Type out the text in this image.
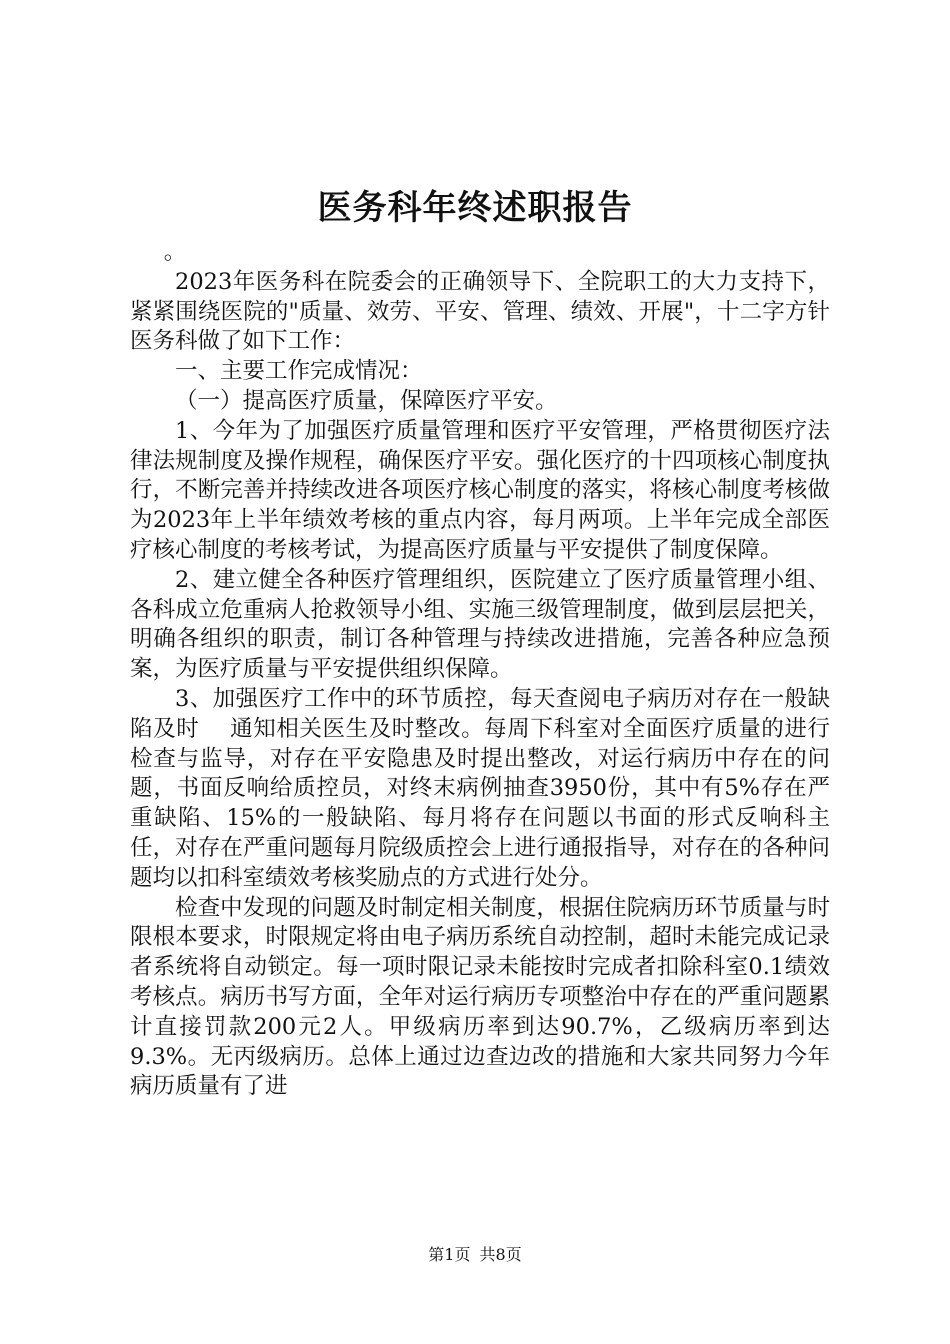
医务科年终述职报告

。

2023年医务科在院委会的正确领导下、全院职工的大力支持下，紧紧围绕医院的"质量、效劳、平安、管理、绩效、开展"，十二字方针医务科做了如下工作：

一、主要工作完成情况：

（一）提高医疗质量，保障医疗平安。

1、今年为了加强医疗质量管理和医疗平安管理，严格贯彻医疗法律法规制度及操作规程，确保医疗平安。强化医疗的十四项核心制度执行，不断完善并持续改进各项医疗核心制度的落实，将核心制度考核做为2023年上半年绩效考核的重点内容，每月两项。上半年完成全部医疗核心制度的考核考试，为提高医疗质量与平安提供了制度保障。

2、建立健全各种医疗管理组织，医院建立了医疗质量管理小组、各科成立危重病人抢救领导小组、实施三级管理制度，做到层层把关，明确各组织的职责，制订各种管理与持续改进措施，完善各种应急预案，为医疗质量与平安提供组织保障。

3、加强医疗工作中的环节质控，每天查阅电子病历对存在一般缺陷及时　 通知相关医生及时整改。每周下科室对全面医疗质量的进行检查与监导，对存在平安隐患及时提出整改，对运行病历中存在的问题，书面反响给质控员，对终末病例抽查3950份，其中有5%存在严重缺陷、15%的一般缺陷、每月将存在问题以书面的形式反响科主任，对存在严重问题每月院级质控会上进行通报指导，对存在的各种问题均以扣科室绩效考核奖励点的方式进行处分。

检查中发现的问题及时制定相关制度，根据住院病历环节质量与时限根本要求，时限规定将由电子病历系统自动控制，超时未能完成记录者系统将自动锁定。每一项时限记录未能按时完成者扣除科室0.1绩效考核点。病历书写方面，全年对运行病历专项整治中存在的严重问题累计直接罚款200元2人。甲级病历率到达90.7%，乙级病历率到达9.3%。无丙级病历。总体上通过边查边改的措施和大家共同努力今年病历质量有了进

第1页 共8页
